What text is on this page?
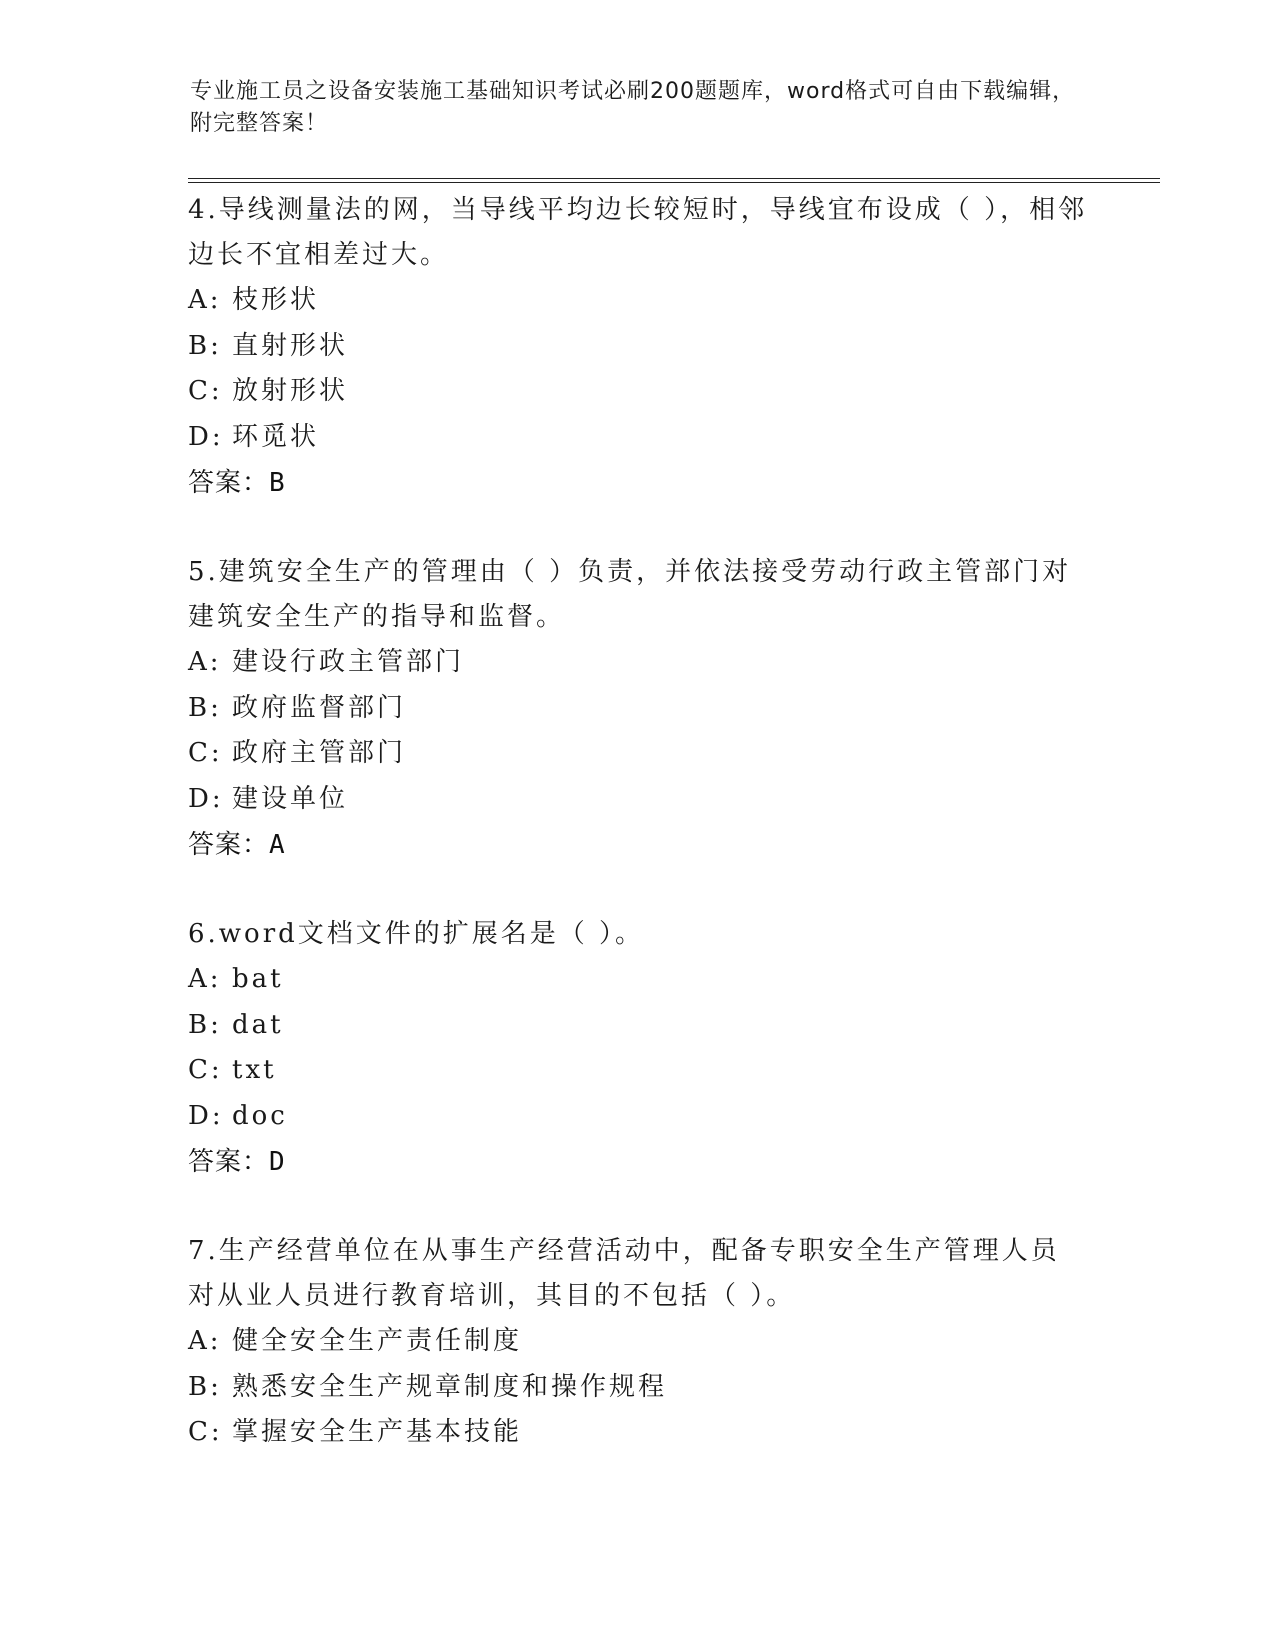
专业施工员之设备安装施工基础知识考试必刷200题题库，word格式可自由下载编辑，附完整答案！
4.导线测量法的网，当导线平均边长较短时，导线宜布设成（ ），相邻边长不宜相差过大。
A: 枝形状
B: 直射形状
C: 放射形状
D: 环觅状
答案：B
5.建筑安全生产的管理由（ ）负责，并依法接受劳动行政主管部门对建筑安全生产的指导和监督。
A: 建设行政主管部门
B: 政府监督部门
C: 政府主管部门
D: 建设单位
答案：A
6.word文档文件的扩展名是（ ）。
A: bat
B: dat
C: txt
D: doc
答案：D
7.生产经营单位在从事生产经营活动中，配备专职安全生产管理人员对从业人员进行教育培训，其目的不包括（ ）。
A: 健全安全生产责任制度
B: 熟悉安全生产规章制度和操作规程
C: 掌握安全生产基本技能
